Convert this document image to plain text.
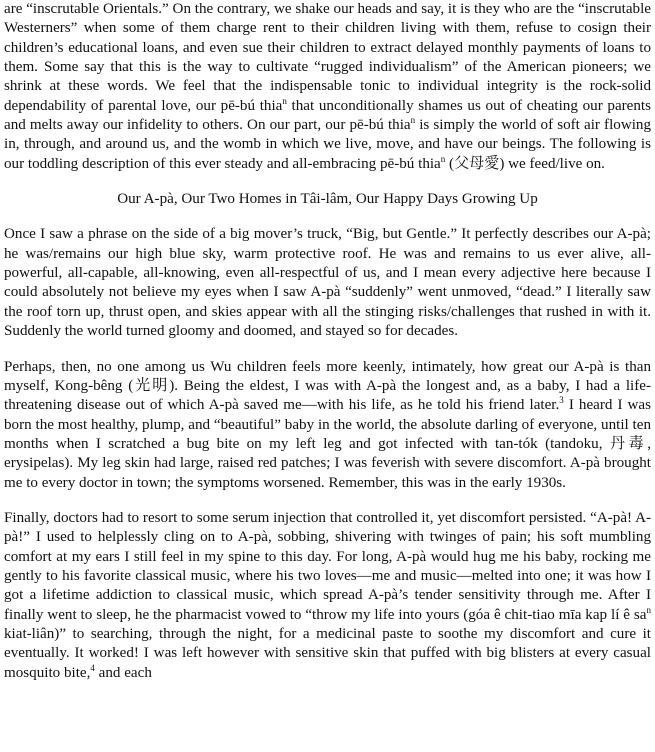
are “inscrutable Orientals.” On the contrary, we shake our heads and say, it is they who are the “inscrutable Westerners” when some of them charge rent to their children living with them, refuse to cosign their children’s educational loans, and even sue their children to extract delayed monthly payments of loans to them. Some say that this is the way to cultivate “rugged individualism” of the American pioneers; we shrink at these words. We feel that the indispensable tonic to individual integrity is the rock-solid dependability of parental love, our pē-bú thia$^n$ that unconditionally shames us out of cheating our parents and melts away our infidelity to others. On our part, our pē-bú thia$^n$ is simply the world of soft air flowing in, through, and around us, and the womb in which we live, move, and have our beings. The following is our toddling description of this ever steady and all-embracing pē-bú thia$^n$ (父母愛) we feed/live on.

Our A-pà, Our Two Homes in Tâi-lâm, Our Happy Days Growing Up

Once I saw a phrase on the side of a big mover’s truck, “Big, but Gentle.” It perfectly describes our A-pà; he was/remains our high blue sky, warm protective roof. He was and remains to us ever alive, all-powerful, all-capable, all-knowing, even all-respectful of us, and I mean every adjective here because I could absolutely not believe my eyes when I saw A-pà “suddenly” went unmoved, “dead.” I literally saw the roof torn up, thrust open, and skies appear with all the stinging risks/challenges that rushed in with it. Suddenly the world turned gloomy and doomed, and stayed so for decades.

Perhaps, then, no one among us Wu children feels more keenly, intimately, how great our A-pà is than myself, Kong-bêng (光明). Being the eldest, I was with A-pà the longest and, as a baby, I had a life-threatening disease out of which A-pà saved me—with his life, as he told his friend later.$^3$ I heard I was born the most healthy, plump, and “beautiful” baby in the world, the absolute darling of everyone, until ten months when I scratched a bug bite on my left leg and got infected with tan-tók (tandoku, 丹毒, erysipelas). My leg skin had large, raised red patches; I was feverish with severe discomfort. A-pà brought me to every doctor in town; the symptoms worsened. Remember, this was in the early 1930s.

Finally, doctors had to resort to some serum injection that controlled it, yet discomfort persisted. “A-pà! A-pà!” I used to helplessly cling on to A-pà, sobbing, shivering with twinges of pain; his soft mumbling comfort at my ears I still feel in my spine to this day. For long, A-pà would hug me his baby, rocking me gently to his favorite classical music, where his two loves—me and music—melted into one; it was how I got a lifetime addiction to classical music, which spread A-pà’s tender sensitivity through me. After I finally went to sleep, he the pharmacist vowed to “throw my life into yours (góa ê chit-tiao mīa kap lí ê $sa^n$ kiat-liân)” to searching, through the night, for a medicinal paste to soothe my discomfort and cure it eventually. It worked! I was left however with sensitive skin that puffed with big blisters at every casual mosquito bite,$^4$ and each
